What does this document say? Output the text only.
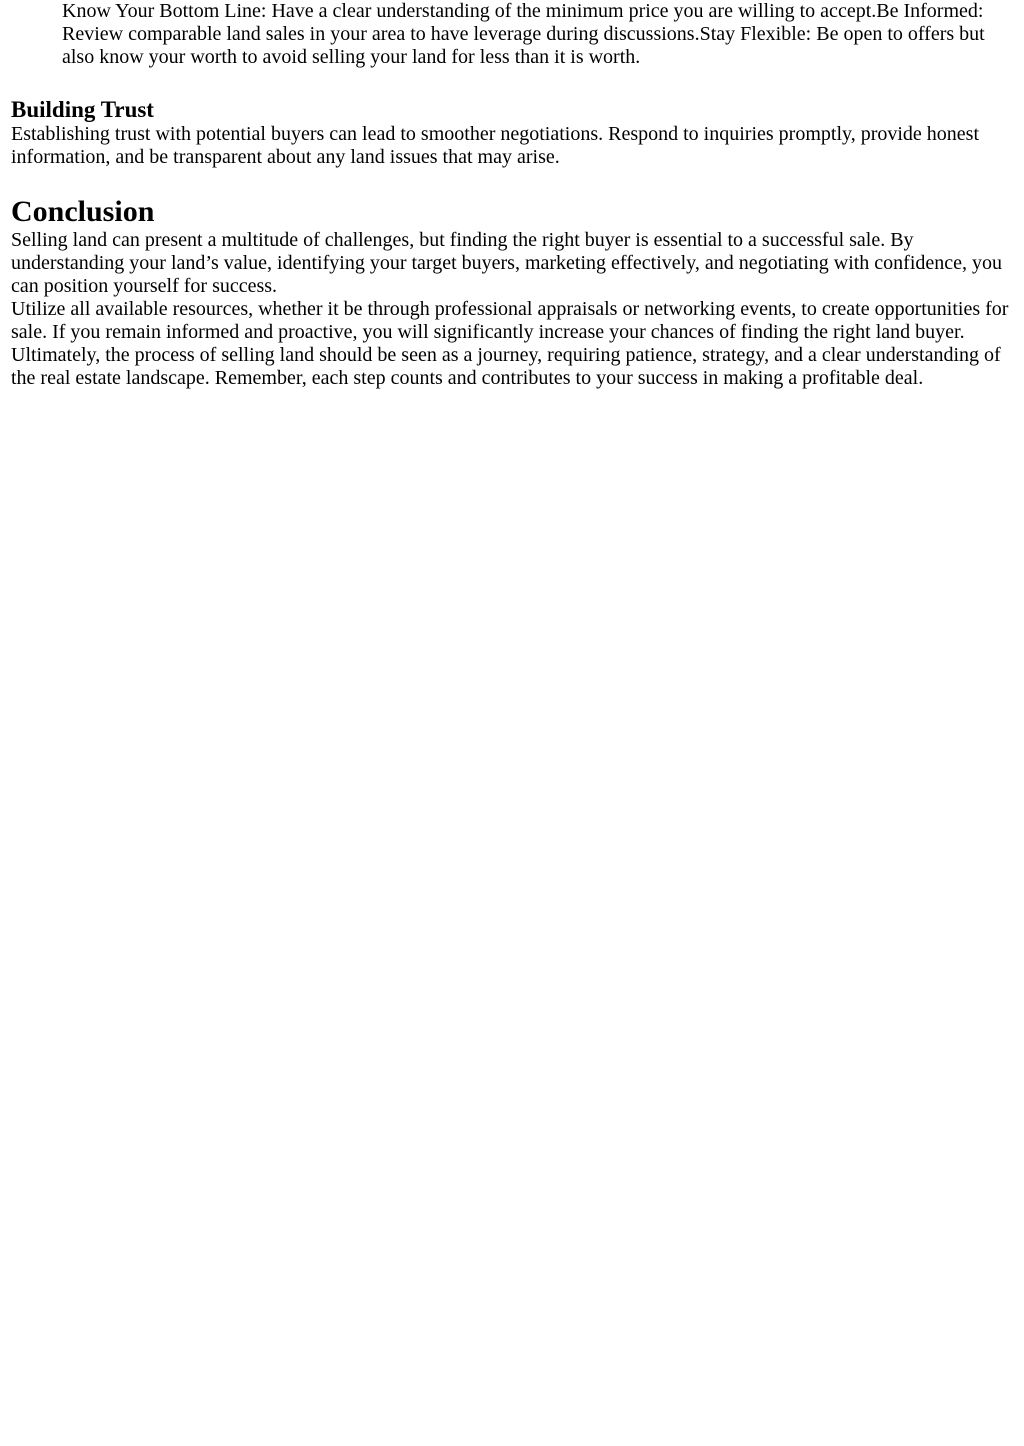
Know Your Bottom Line: Have a clear understanding of the minimum price you are willing to accept.Be Informed: Review comparable land sales in your area to have leverage during discussions.Stay Flexible: Be open to offers but also know your worth to avoid selling your land for less than it is worth.

Building Trust

Establishing trust with potential buyers can lead to smoother negotiations. Respond to inquiries promptly, provide honest information, and be transparent about any land issues that may arise.

Conclusion

Selling land can present a multitude of challenges, but finding the right buyer is essential to a successful sale. By understanding your land’s value, identifying your target buyers, marketing effectively, and negotiating with confidence, you can position yourself for success.

Utilize all available resources, whether it be through professional appraisals or networking events, to create opportunities for sale. If you remain informed and proactive, you will significantly increase your chances of finding the right land buyer.

Ultimately, the process of selling land should be seen as a journey, requiring patience, strategy, and a clear understanding of the real estate landscape. Remember, each step counts and contributes to your success in making a profitable deal.
